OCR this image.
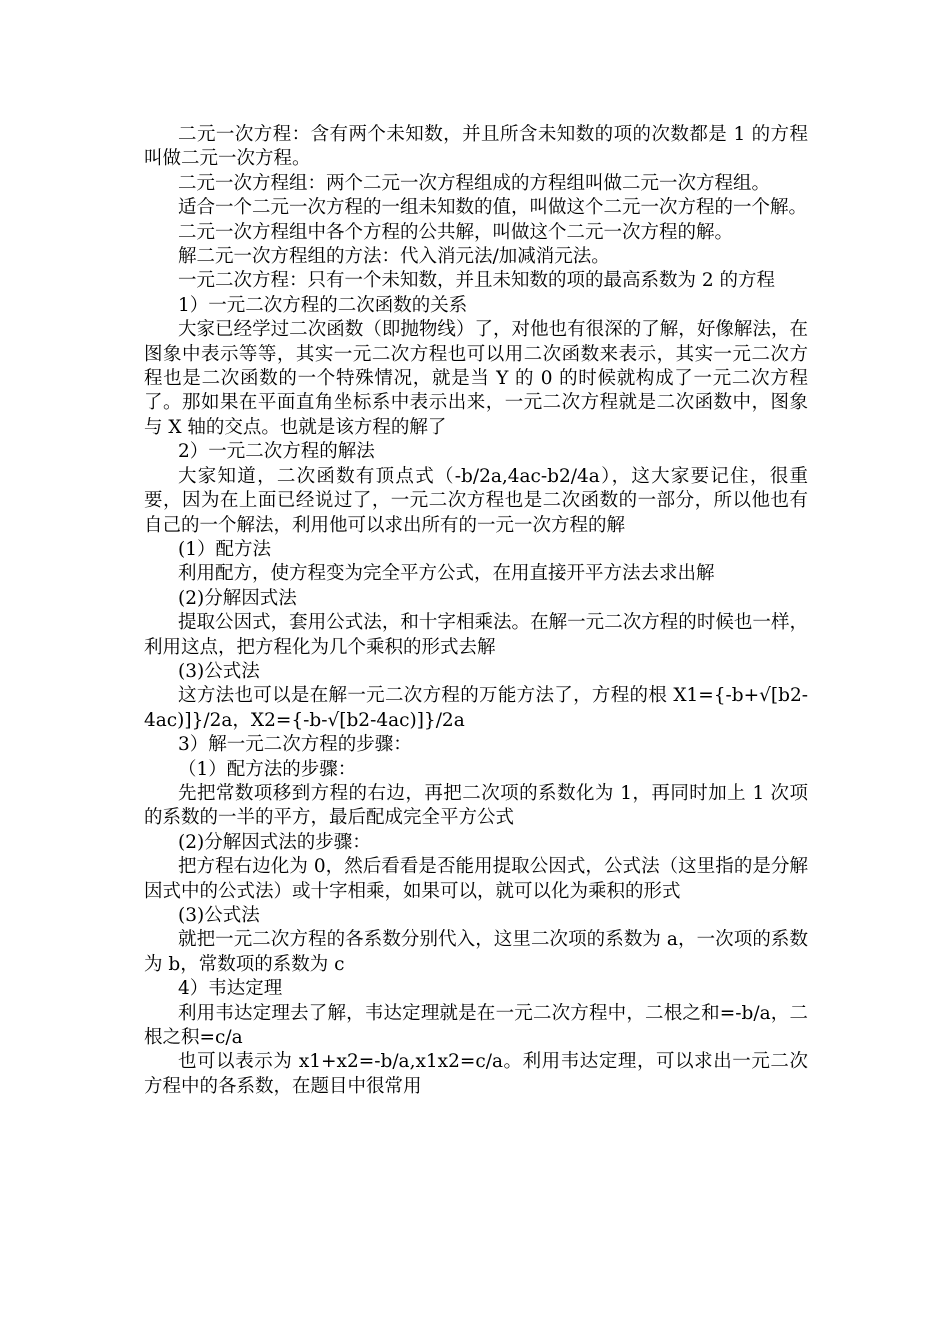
二元一次方程：含有两个未知数，并且所含未知数的项的次数都是 1 的方程叫做二元一次方程。

二元一次方程组：两个二元一次方程组成的方程组叫做二元一次方程组。

适合一个二元一次方程的一组未知数的值，叫做这个二元一次方程的一个解。

二元一次方程组中各个方程的公共解，叫做这个二元一次方程的解。

解二元一次方程组的方法：代入消元法/加减消元法。

一元二次方程：只有一个未知数，并且未知数的项的最高系数为 2 的方程

1）一元二次方程的二次函数的关系

大家已经学过二次函数（即抛物线）了，对他也有很深的了解，好像解法，在图象中表示等等，其实一元二次方程也可以用二次函数来表示，其实一元二次方程也是二次函数的一个特殊情况，就是当 Y 的 0 的时候就构成了一元二次方程了。那如果在平面直角坐标系中表示出来，一元二次方程就是二次函数中，图象与 X 轴的交点。也就是该方程的解了

2）一元二次方程的解法

大家知道，二次函数有顶点式（-b/2a,4ac-b2/4a），这大家要记住，很重要，因为在上面已经说过了，一元二次方程也是二次函数的一部分，所以他也有自己的一个解法，利用他可以求出所有的一元一次方程的解

(1）配方法

利用配方，使方程变为完全平方公式，在用直接开平方法去求出解

(2)分解因式法

提取公因式，套用公式法，和十字相乘法。在解一元二次方程的时候也一样，利用这点，把方程化为几个乘积的形式去解

(3)公式法

这方法也可以是在解一元二次方程的万能方法了，方程的根 X1={-b+√[b2-4ac)]}/2a，X2={-b-√[b2-4ac)]}/2a

3）解一元二次方程的步骤：

（1）配方法的步骤：

先把常数项移到方程的右边，再把二次项的系数化为 1，再同时加上 1 次项的系数的一半的平方，最后配成完全平方公式

(2)分解因式法的步骤：

把方程右边化为 0，然后看看是否能用提取公因式，公式法（这里指的是分解因式中的公式法）或十字相乘，如果可以，就可以化为乘积的形式

(3)公式法

就把一元二次方程的各系数分别代入，这里二次项的系数为 a，一次项的系数为 b，常数项的系数为 c

4）韦达定理

利用韦达定理去了解，韦达定理就是在一元二次方程中，二根之和=-b/a，二根之积=c/a

也可以表示为 x1+x2=-b/a,x1x2=c/a。利用韦达定理，可以求出一元二次方程中的各系数，在题目中很常用
